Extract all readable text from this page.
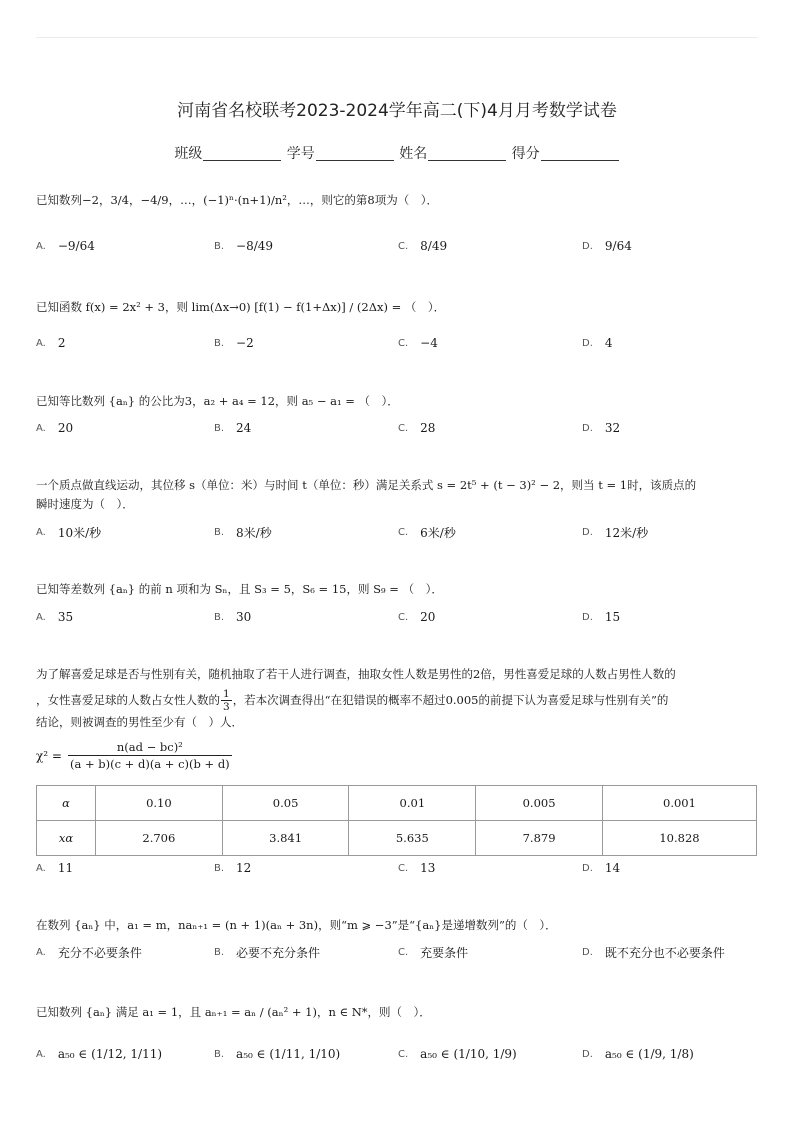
河南省名校联考2023-2024学年高二(下)4月月考数学试卷
班级	学号	姓名	得分
已知数列−2，3/4，−4/9，…，(−1)ⁿ·(n+1)/n²，…，则它的第8项为（　）．
A. −9/64	B. −8/49	C. 8/49	D. 9/64
已知函数 f(x) = 2x² + 3，则 lim(Δx→0) [f(1) − f(1+Δx)] / (2Δx) = （　）．
A. 2	B. −2	C. −4	D. 4
已知等比数列 {aₙ} 的公比为3，a₂ + a₄ = 12，则 a₅ − a₁ = （　）．
A. 20	B. 24	C. 28	D. 32
一个质点做直线运动，其位移 s（单位：米）与时间 t（单位：秒）满足关系式 s = 2t⁵ + (t − 3)² − 2，则当 t = 1时，该质点的
瞬时速度为（　）．
A. 10米/秒	B. 8米/秒	C. 6米/秒	D. 12米/秒
已知等差数列 {aₙ} 的前 n 项和为 Sₙ，且 S₃ = 5，S₆ = 15，则 S₉ = （　）．
A. 35	B. 30	C. 20	D. 15
为了解喜爱足球是否与性别有关，随机抽取了若干人进行调查，抽取女性人数是男性的2倍，男性喜爱足球的人数占男性人数的
，女性喜爱足球的人数占女性人数的 $\frac{1}{3}$ ，若本次调查得出“在犯错误的概率不超过0.005的前提下认为喜爱足球与性别有关”的
结论，则被调查的男性至少有（　）人．
$\chi^2 = \frac{\text{n(ad − bc)²}}{(a + b)(c + d)(a + c)(b + d)}$
α	0.10	0.05	0.01	0.005	0.001
xα	2.706	3.841	5.635	7.879	10.828
A. 11	B. 12	C. 13	D. 14
在数列 {aₙ} 中，a₁ = m，naₙ₊₁ = (n + 1)(aₙ + 3n)，则“m ⩾ −3”是“{aₙ}是递增数列”的（　）．
A. 充分不必要条件	B. 必要不充分条件	C. 充要条件	D. 既不充分也不必要条件
已知数列 {aₙ} 满足 a₁ = 1，且 aₙ₊₁ = aₙ / (aₙ² + 1)，n ∈ N*，则（　）．
A. a₅₀ ∈ (1/12, 1/11)	B. a₅₀ ∈ (1/11, 1/10)	C. a₅₀ ∈ (1/10, 1/9)	D. a₅₀ ∈ (1/9, 1/8)
